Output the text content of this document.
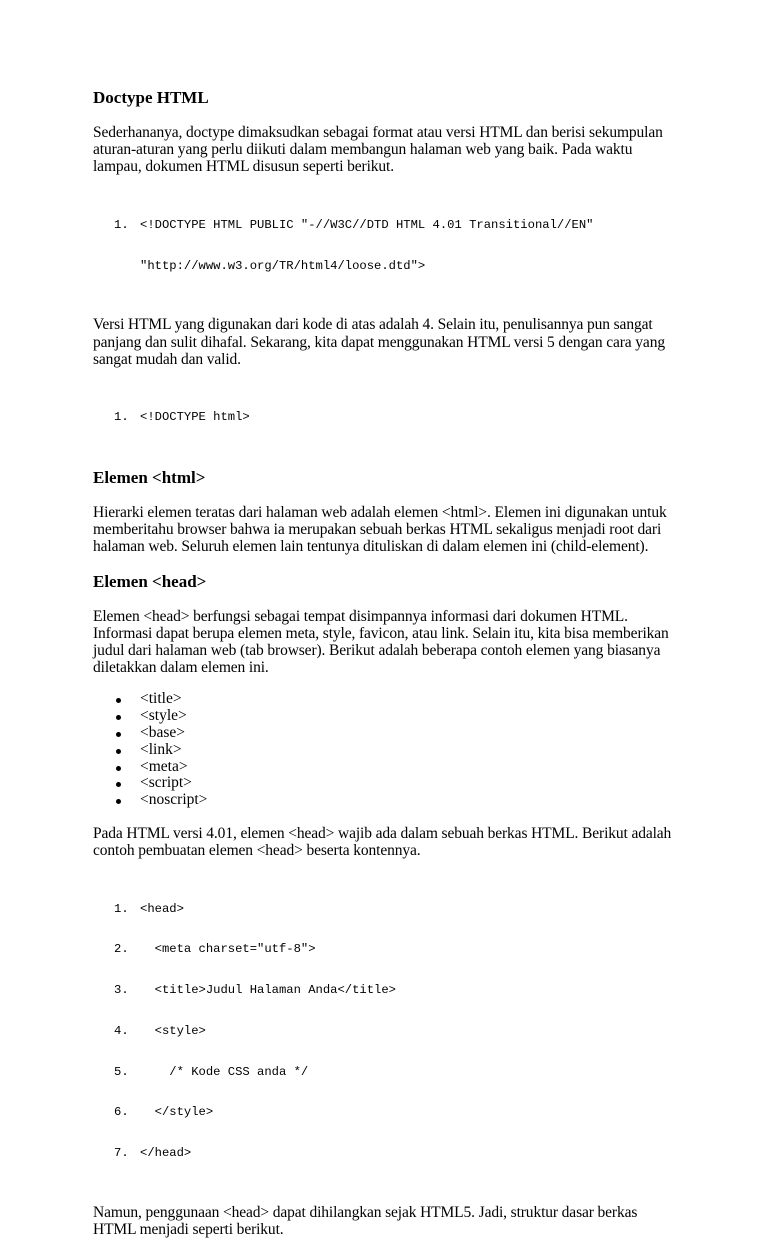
Doctype HTML

Sederhananya, doctype dimaksudkan sebagai format atau versi HTML dan berisi sekumpulan aturan-aturan yang perlu diikuti dalam membangun halaman web yang baik. Pada waktu lampau, dokumen HTML disusun seperti berikut.

1. <!DOCTYPE HTML PUBLIC "-//W3C//DTD HTML 4.01 Transitional//EN"

"http://www.w3.org/TR/html4/loose.dtd">

Versi HTML yang digunakan dari kode di atas adalah 4. Selain itu, penulisannya pun sangat panjang dan sulit dihafal. Sekarang, kita dapat menggunakan HTML versi 5 dengan cara yang sangat mudah dan valid.

1. <!DOCTYPE html>

Elemen <html>

Hierarki elemen teratas dari halaman web adalah elemen <html>. Elemen ini digunakan untuk memberitahu browser bahwa ia merupakan sebuah berkas HTML sekaligus menjadi root dari halaman web. Seluruh elemen lain tentunya dituliskan di dalam elemen ini (child-element).

Elemen <head>

Elemen <head> berfungsi sebagai tempat disimpannya informasi dari dokumen HTML. Informasi dapat berupa elemen meta, style, favicon, atau link. Selain itu, kita bisa memberikan judul dari halaman web (tab browser). Berikut adalah beberapa contoh elemen yang biasanya diletakkan dalam elemen ini.

<title>
<style>
<base>
<link>
<meta>
<script>
<noscript>

Pada HTML versi 4.01, elemen <head> wajib ada dalam sebuah berkas HTML. Berikut adalah contoh pembuatan elemen <head> beserta kontennya.

1. <head>

2. <meta charset="utf-8">

3. <title>Judul Halaman Anda</title>

4. <style>

5. /* Kode CSS anda */

6. </style>

7. </head>

Namun, penggunaan <head> dapat dihilangkan sejak HTML5. Jadi, struktur dasar berkas HTML menjadi seperti berikut.
